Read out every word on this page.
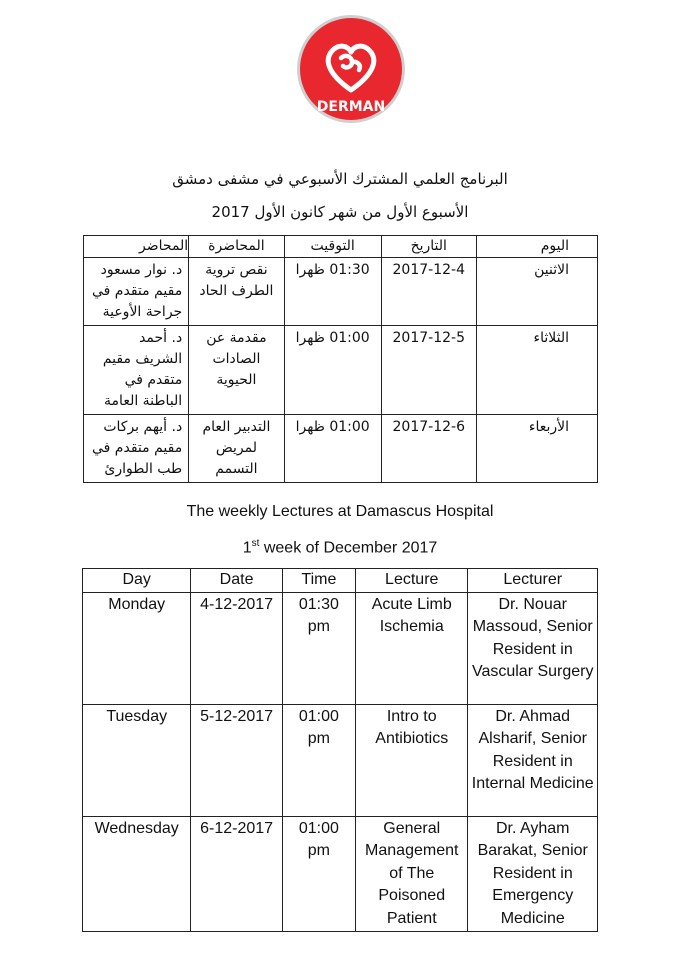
DERMAN
البرنامج العلمي المشترك الأسبوعي في مشفى دمشق
الأسبوع الأول من شهر كانون الأول 2017
اليوم	التاريخ	التوقيت	المحاضرة	المحاضر
الاثنين	2017-12-4	01:30 ظهرا	نقص تروية الطرف الحاد	د. نوار مسعود مقيم متقدم في جراحة الأوعية
الثلاثاء	2017-12-5	01:00 ظهرا	مقدمة عن الصادات الحيوية	د. أحمد الشريف مقيم متقدم في الباطنة العامة
الأربعاء	2017-12-6	01:00 ظهرا	التدبير العام لمريض التسمم	د. أيهم بركات مقيم متقدم في طب الطوارئ
The weekly Lectures at Damascus Hospital
1st week of December 2017
Day	Date	Time	Lecture	Lecturer
Monday	4-12-2017	01:30 pm	Acute Limb Ischemia	Dr. Nouar Massoud, Senior Resident in Vascular Surgery
Tuesday	5-12-2017	01:00 pm	Intro to Antibiotics	Dr. Ahmad Alsharif, Senior Resident in Internal Medicine
Wednesday	6-12-2017	01:00 pm	General Management of The Poisoned Patient	Dr. Ayham Barakat, Senior Resident in Emergency Medicine
